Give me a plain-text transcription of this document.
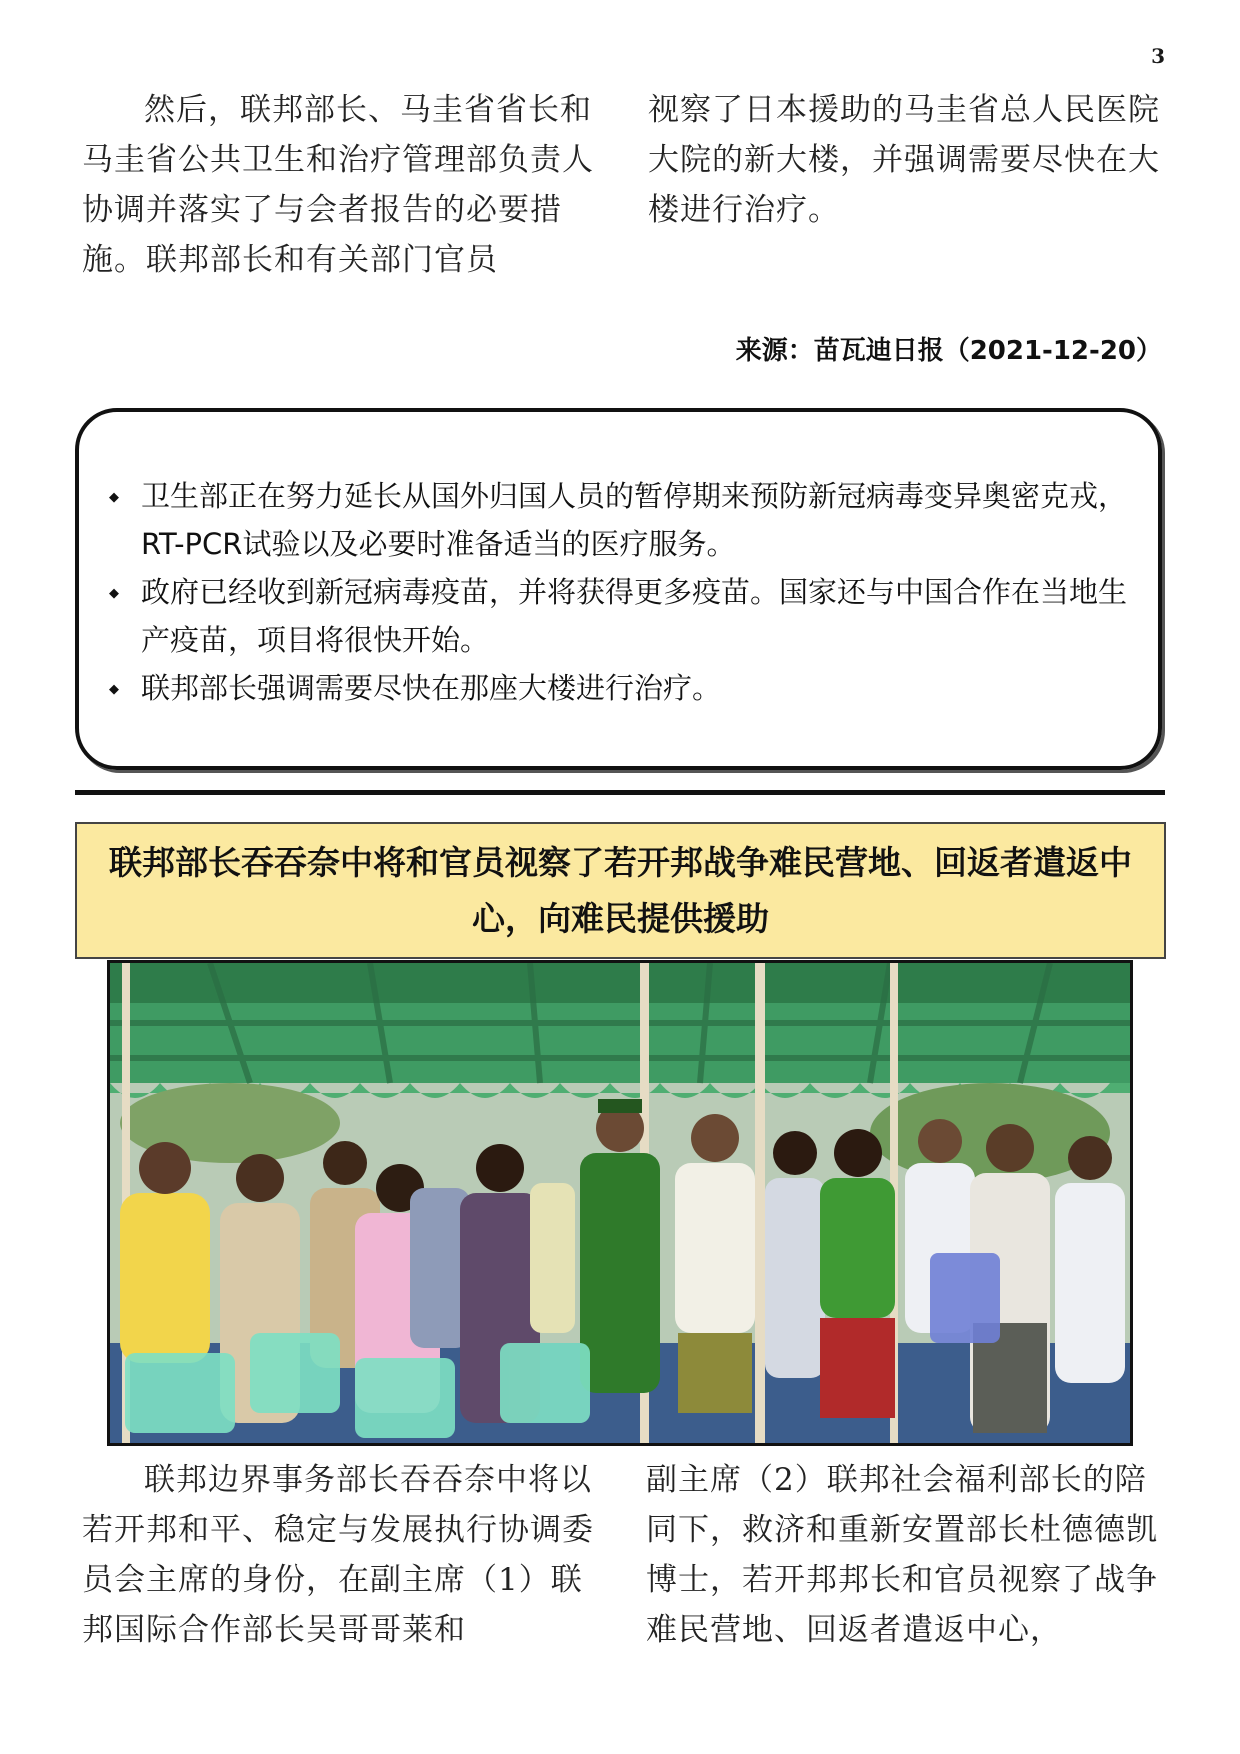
3

然后，联邦部长、马圭省省长和马圭省公共卫生和治疗管理部负责人协调并落实了与会者报告的必要措施。联邦部长和有关部门官员

视察了日本援助的马圭省总人民医院大院的新大楼，并强调需要尽快在大楼进行治疗。

来源：苗瓦迪日报（2021-12-20）
◆ 卫生部正在努力延长从国外归国人员的暂停期来预防新冠病毒变异奥密克戎，RT-PCR试验以及必要时准备适当的医疗服务。
◆ 政府已经收到新冠病毒疫苗，并将获得更多疫苗。国家还与中国合作在当地生产疫苗，项目将很快开始。
◆ 联邦部长强调需要尽快在那座大楼进行治疗。
联邦部长吞吞奈中将和官员视察了若开邦战争难民营地、回返者遣返中心，向难民提供援助

联邦边界事务部长吞吞奈中将以若开邦和平、稳定与发展执行协调委员会主席的身份，在副主席（1）联邦国际合作部长吴哥哥莱和

副主席（2）联邦社会福利部长的陪同下，救济和重新安置部长杜德德凯博士，若开邦邦长和官员视察了战争难民营地、回返者遣返中心，
